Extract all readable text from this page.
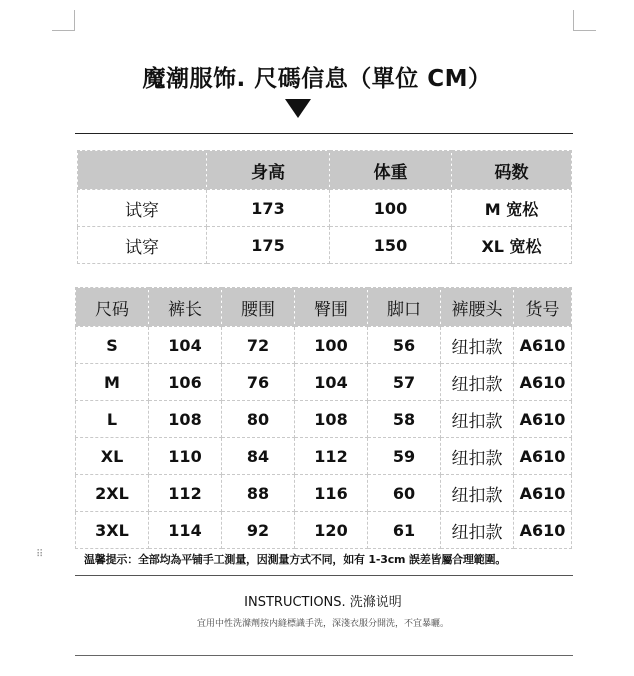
魔潮服饰. 尺碼信息（單位 CM）
	身高	体重	码数
试穿	173	100	M 宽松
试穿	175	150	XL 宽松
尺码	裤长	腰围	臀围	脚口	裤腰头	货号
S	104	72	100	56	纽扣款	A610
M	106	76	104	57	纽扣款	A610
L	108	80	108	58	纽扣款	A610
XL	110	84	112	59	纽扣款	A610
2XL	112	88	116	60	纽扣款	A610
3XL	114	92	120	61	纽扣款	A610
⠿	温馨提示：全部均為平铺手工測量，因測量方式不同，如有 1-3cm 誤差皆屬合理範圍。
INSTRUCTIONS. 洗滌说明
宜用中性洗滌劑按内縫標識手洗，深淺衣服分開洗，不宜暴曬。
